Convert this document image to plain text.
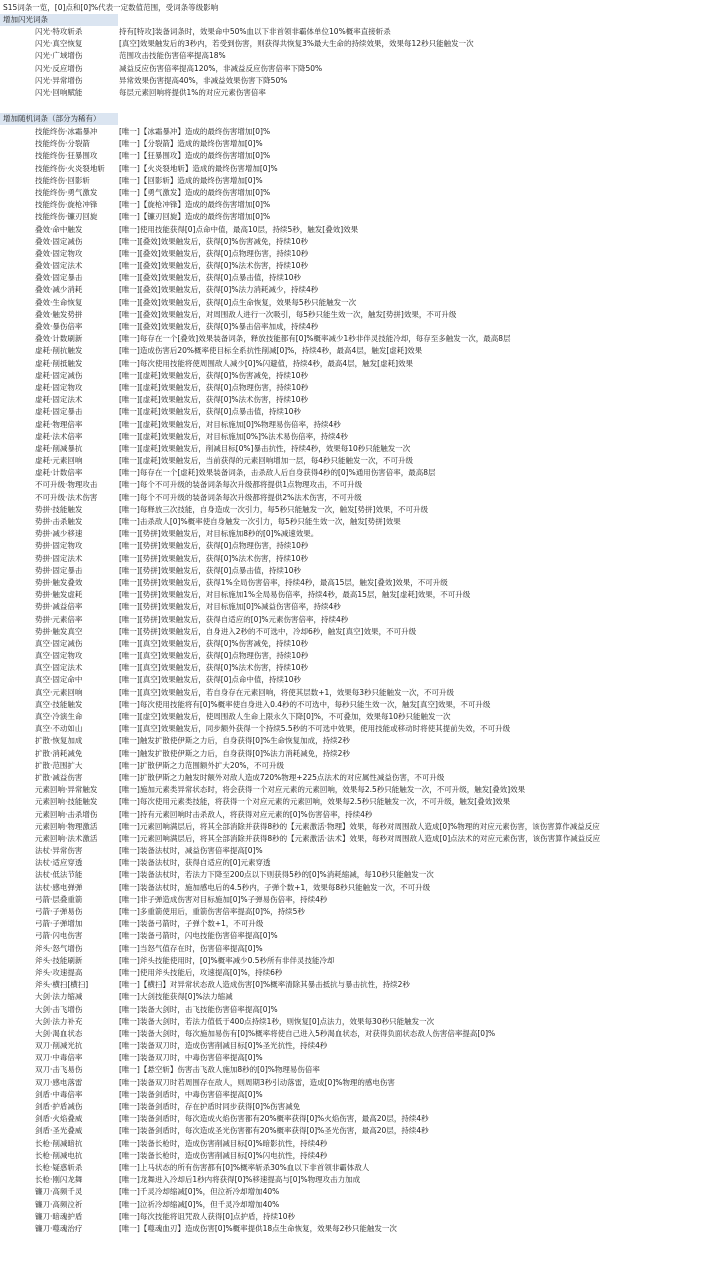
S15词条一览，[0]点和[0]%代表一定数值范围，受词条等级影响
增加闪光词条
闪光·特攻斩杀	持有[特攻]装备词条时，效果命中50%血以下非首领非霸体单位10%概率直接斩杀
闪光·真空恢复	[真空]效果触发后的3秒内，若受到伤害，则获得共恢复3%最大生命的持续效果，效果每12秒只能触发一次
闪光·广域增伤	范围攻击技能伤害倍率提高18%
闪光·反应增伤	减益反应伤害倍率提高120%，非减益反应伤害倍率下降50%
闪光·异常增伤	异常效果伤害提高40%，非减益效果伤害下降50%
闪光·回响赋能	每层元素回响将提供1%的对应元素伤害倍率
增加随机词条（部分为稀有）
技能终伤·冰霜暴冲	[唯一]【冰霜暴冲】造成的最终伤害增加[0]%
技能终伤·分裂箭	[唯一]【分裂箭】造成的最终伤害增加[0]%
技能终伤·狂暴围攻	[唯一]【狂暴围攻】造成的最终伤害增加[0]%
技能终伤·火炎裂地斩 [唯一]【火炎裂地斩】造成的最终伤害增加[0]%
技能终伤·回影斩	[唯一]【回影斩】造成的最终伤害增加[0]%
技能终伤·勇气激发	[唯一]【勇气激发】造成的最终伤害增加[0]%
技能终伤·旋枪冲锋	[唯一]【旋枪冲锋】造成的最终伤害增加[0]%
技能终伤·镰刃回旋	[唯一]【镰刃回旋】造成的最终伤害增加[0]%
叠效·命中触发	[唯一]使用技能获得[0]点命中值，最高10层，持续5秒，触发[叠效]效果
叠效·固定减伤	[唯一][叠效]效果触发后，获得[0]%伤害减免，持续10秒
叠效·固定物攻	[唯一][叠效]效果触发后，获得[0]点物理伤害，持续10秒
叠效·固定法术	[唯一][叠效]效果触发后，获得[0]%法术伤害，持续10秒
叠效·固定暴击	[唯一][叠效]效果触发后，获得[0]点暴击值，持续10秒
叠效·减少消耗	[唯一][叠效]效果触发后，获得[0]%法力消耗减少，持续4秒
叠效·生命恢复	[唯一][叠效]效果触发后，获得[0]点生命恢复，效果每5秒只能触发一次
叠效·触发势拼	[唯一][叠效]效果触发后，对周围敌人进行一次吸引，每5秒只能生效一次，触发[势拼]效果，不可升级
叠效·暴伤倍率	[唯一][叠效]效果触发后，获得[0]%暴击倍率加成，持续4秒
叠效·计数刷新	[唯一]每存在一个[叠效]效果装备词条，释放技能都有[0]%概率减少1秒非伴灵技能冷却，每存至多触发一次，最高8层
虚耗·削抗触发	[唯一]造成伤害后20%概率使目标全系抗性削减[0]%，持续4秒，最高4层，触发[虚耗]效果
虚耗·削抵触发	[唯一]每次使用技能将使周围敌人减少[0]%闪避值，持续4秒，最高4层，触发[虚耗]效果
虚耗·固定减伤	[唯一][虚耗]效果触发后，获得[0]%伤害减免，持续10秒
虚耗·固定物攻	[唯一][虚耗]效果触发后，获得[0]点物理伤害，持续10秒
虚耗·固定法术	[唯一][虚耗]效果触发后，获得[0]%法术伤害，持续10秒
虚耗·固定暴击	[唯一][虚耗]效果触发后，获得[0]点暴击值，持续10秒
虚耗·物理倍率	[唯一][虚耗]效果触发后，对目标施加[0]%物理易伤倍率，持续4秒
虚耗·法术倍率	[唯一][虚耗]效果触发后，对目标施加[0%]%法术易伤倍率，持续4秒
虚耗·削减暴抗	[唯一][虚耗]效果触发后，削减目标[0%]暴击抗性，持续4秒，效果每10秒只能触发一次
虚耗·元素回响	[唯一][虚耗]效果触发后，当前获得的元素回响增加一层，每4秒只能触发一次，不可升级
虚耗·计数倍率	[唯一]每存在一个[虚耗]效果装备词条，击杀敌人后自身获得4秒的[0]%通用伤害倍率，最高8层
不可升级·物理攻击	[唯一]每个不可升级的装备词条每次升级都将提供1点物理攻击，不可升级
不可升级·法术伤害	[唯一]每个不可升级的装备词条每次升级都将提供2%法术伤害，不可升级
势拼·技能触发	[唯一]每释放三次技能，自身造成一次引力，每5秒只能触发一次，触发[势拼]效果，不可升级
势拼·击杀触发	[唯一]击杀敌人[0]%概率使自身触发一次引力，每5秒只能生效一次，触发[势拼]效果
势拼·减少移速	[唯一][势拼]效果触发后，对目标施加8秒的[0]%减速效果。
势拼·固定物攻	[唯一][势拼]效果触发后，获得[0]点物理伤害，持续10秒
势拼·固定法术	[唯一][势拼]效果触发后，获得[0]%法术伤害，持续10秒
势拼·固定暴击	[唯一][势拼]效果触发后，获得[0]点暴击值，持续10秒
势拼·触发叠效	[唯一][势拼]效果触发后，获得1%全局伤害倍率，持续4秒，最高15层，触发[叠效]效果，不可升级
势拼·触发虚耗	[唯一][势拼]效果触发后，对目标施加1%全局易伤倍率，持续4秒，最高15层，触发[虚耗]效果，不可升级
势拼·减益倍率	[唯一][势拼]效果触发后，对目标施加[0]%减益伤害倍率，持续4秒
势拼·元素倍率	[唯一][势拼]效果触发后，获得自适应的[0]%元素伤害倍率，持续4秒
势拼·触发真空	[唯一][势拼]效果触发后，自身进入2秒的不可选中，冷却6秒，触发[真空]效果，不可升级
真空·固定减伤	[唯一][真空]效果触发后，获得[0]%伤害减免，持续10秒
真空·固定物攻	[唯一][真空]效果触发后，获得[0]点物理伤害，持续10秒
真空·固定法术	[唯一][真空]效果触发后，获得[0]%法术伤害，持续10秒
真空·固定命中	[唯一][真空]效果触发后，获得[0]点命中值，持续10秒
真空·元素回响	[唯一][真空]效果触发后，若自身存在元素回响，将使其层数+1，效果每3秒只能触发一次，不可升级
真空·技能触发	[唯一]每次使用技能将有[0]%概率使自身进入0.4秒的不可选中，每秒只能生效一次，触发[真空]效果，不可升级
真空·冷演生命	[唯一][虚空]效果触发后，使周围敌人生命上限永久下降[0]%，不可叠加，效果每10秒只能触发一次
真空·不动如山	[唯一][真空]效果触发后，同步额外获得一个持续5.5秒的不可选中效果，使用技能或移动时将使其提前失效，不可升级
扩散·恢复加成	[唯一]触发扩散使伊斯之力后，自身获得[0]%生命恢复加成，持续2秒
扩散·消耗减免	[唯一]触发扩散使伊斯之力后，自身获得[0]%法力消耗减免，持续2秒
扩散·范围扩大	[唯一]扩散伊斯之力范围额外扩大20%，不可升级
扩散·减益伤害	[唯一]扩散伊斯之力触发时额外对敌人造成720%物理+225点法术的对应属性减益伤害，不可升级
元素回响·异常触发	[唯一]施加元素类异常状态时，将会获得一个对应元素的元素回响，效果每2.5秒只能触发一次，不可升级，触发[叠效]效果
元素回响·技能触发	[唯一]每次使用元素类技能，将获得一个对应元素的元素回响，效果每2.5秒只能触发一次，不可升级，触发[叠效]效果
元素回响·击杀增伤	[唯一]持有元素回响时击杀敌人，将获得对应元素的[0]%伤害倍率，持续4秒
元素回响·物理激活	[唯一]元素回响满层后，将其全部消除并获得8秒的【元素激活·物理】效果，每秒对周围敌人造成[0]%物理的对应元素伤害，该伤害算作减益反应
元素回响·法术激活	[唯一]元素回响满层后，将其全部消除并获得8秒的【元素激活·法术】效果，每秒对周围敌人造成[0]点法术的对应元素伤害，该伤害算作减益反应
法杖·异常伤害	[唯一]装备法杖时，减益伤害倍率提高[0]%
法杖·适应穿透	[唯一]装备法杖时，获得自适应的[0]元素穿透
法杖·低法节能	[唯一]装备法杖时，若法力下降至200点以下则获得5秒的[0]%消耗缩减，每10秒只能触发一次
法杖·感电弹弹	[唯一]装备法杖时，施加感电后的4.5秒内，子弹个数+1，效果每8秒只能触发一次，不可升级
弓箭·层叠重箭	[唯一]非子弹造成伤害对目标施加[0]%子弹易伤倍率，持续4秒
弓箭·子弹易伤	[唯一]多重箭使用后，重箭伤害倍率提高[0]%，持续5秒
弓箭·子弹增加	[唯一]装备弓箭时，子弹个数+1，不可升级
弓箭·闪电伤害	[唯一]装备弓箭时，闪电技能伤害倍率提高[0]%
斧头·怒气增伤	[唯一]当怒气值存在时，伤害倍率提高[0]%
斧头·技能刷新	[唯一]斧头技能使用时，[0]%概率减少0.5秒所有非伴灵技能冷却
斧头·攻速提高	[唯一]使用斧头技能后，攻速提高[0]%，持续6秒
斧头·横扫[横扫]	[唯一]【横扫】对异常状态敌人造成伤害[0]%概率清除其暴击抵抗与暴击抗性，持续2秒
大剑·法力缩减	[唯一]大剑技能获得[0]%法力缩减
大剑·击飞增伤	[唯一]装备大剑时，击飞技能伤害倍率提高[0]%
大剑·法力补充	[唯一]装备大剑时，若法力值低于400点持续1秒，则恢复[0]点法力，效果每30秒只能触发一次
大剑·渴血状态	[唯一]装备大剑时，每次施加易伤有[0]%概率将使自己进入5秒渴血状态，对获得负面状态敌人伤害倍率提高[0]%
双刀·削减光抗	[唯一]装备双刀时，造成伤害削减目标[0]%圣光抗性，持续4秒
双刀·中毒倍率	[唯一]装备双刀时，中毒伤害倍率提高[0]%
双刀·击飞易伤	[唯一]【悬空斩】伤害击飞敌人施加8秒的[0]%物理易伤倍率
双刀·感电落雷	[唯一]装备双刀时若周围存在敌人，则周期3秒引动落雷，造成[0]%物理的感电伤害
剑盾·中毒倍率	[唯一]装备剑盾时，中毒伤害倍率提高[0]%
剑盾·护盾减伤	[唯一]装备剑盾时，存在护盾时同步获得[0]%伤害减免
剑盾·火焰叠威	[唯一]装备剑盾时，每次造成火焰伤害都有20%概率获得[0]%火焰伤害，最高20层，持续4秒
剑盾·圣光叠威	[唯一]装备剑盾时，每次造成圣光伤害都有20%概率获得[0]%圣光伤害，最高20层，持续4秒
长枪·削减暗抗	[唯一]装备长枪时，造成伤害削减目标[0]%暗影抗性，持续4秒
长枪·削减电抗	[唯一]装备长枪时，造成伤害削减目标[0]%闪电抗性，持续4秒
长枪·疑惑斩杀	[唯一]上马状态的所有伤害都有[0]%概率斩杀30%血以下非首领非霸体敌人
长枪·刚闪龙舞	[唯一]龙舞进入冷却后1秒内将获得[0]%移速提高与[0]%物理攻击力加成
镰刀·高频千灵	[唯一]千灵冷却缩减[0]%，但泣祈冷却增加40%
镰刀·高频泣祈	[唯一]泣祈冷却缩减[0]%，但千灵冷却增加40%
镰刀·暗魂护盾	[唯一]每次技能将诅咒敌人获得[0]点护盾，持续10秒
镰刀·噬魂治疗	[唯一]【噬魂血刃】造成伤害[0]%概率提供18点生命恢复，效果每2秒只能触发一次
